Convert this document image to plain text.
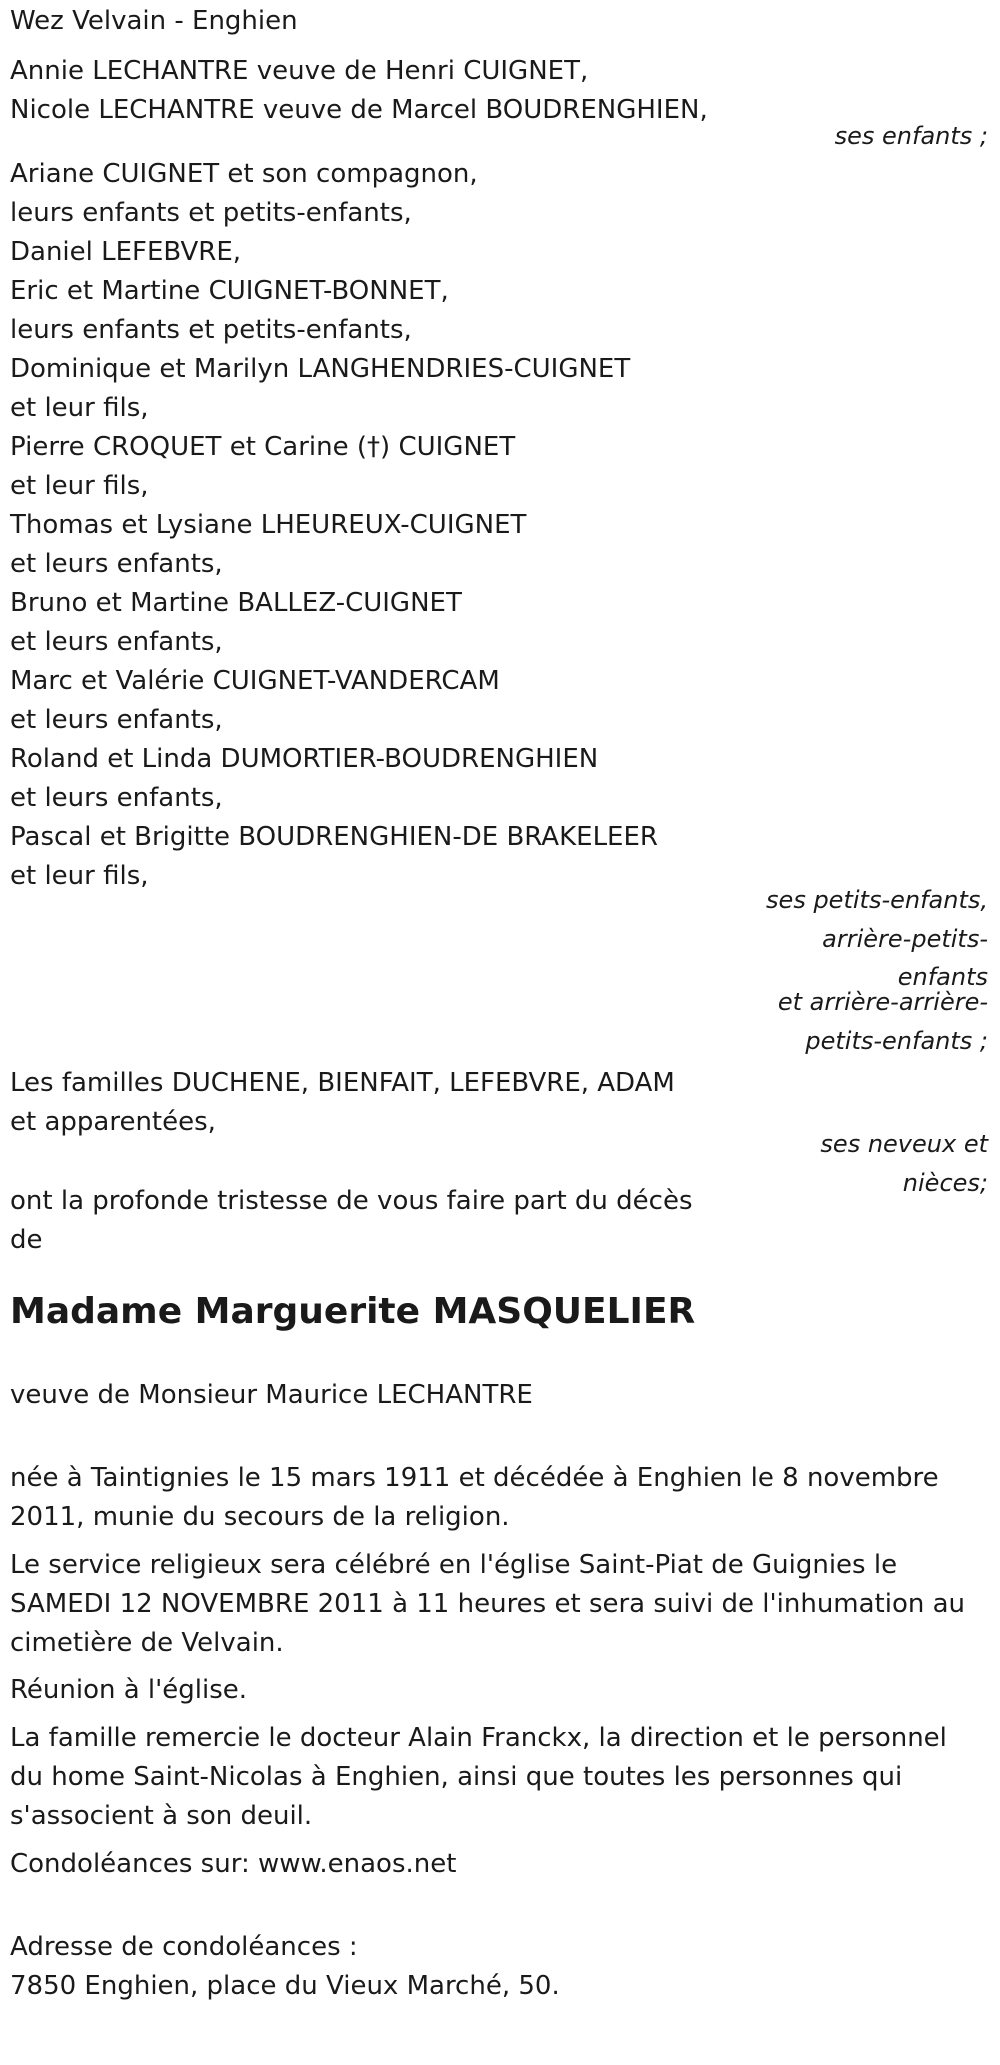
Wez Velvain - Enghien
Annie LECHANTRE veuve de Henri CUIGNET,
Nicole LECHANTRE veuve de Marcel BOUDRENGHIEN,
ses enfants ;
Ariane CUIGNET et son compagnon,
leurs enfants et petits-enfants,
Daniel LEFEBVRE,
Eric et Martine CUIGNET-BONNET,
leurs enfants et petits-enfants,
Dominique et Marilyn LANGHENDRIES-CUIGNET
et leur fils,
Pierre CROQUET et Carine (†) CUIGNET
et leur fils,
Thomas et Lysiane LHEUREUX-CUIGNET
et leurs enfants,
Bruno et Martine BALLEZ-CUIGNET
et leurs enfants,
Marc et Valérie CUIGNET-VANDERCAM
et leurs enfants,
Roland et Linda DUMORTIER-BOUDRENGHIEN
et leurs enfants,
Pascal et Brigitte BOUDRENGHIEN-DE BRAKELEER
et leur fils,
ses petits-enfants,
arrière-petits-
enfants
et arrière-arrière-
petits-enfants ;
Les familles DUCHENE, BIENFAIT, LEFEBVRE, ADAM
et apparentées,
ses neveux et
nièces;
ont la profonde tristesse de vous faire part du décès
de
Madame Marguerite MASQUELIER
veuve de Monsieur Maurice LECHANTRE
née à Taintignies le 15 mars 1911 et décédée à Enghien le 8 novembre
2011, munie du secours de la religion.
Le service religieux sera célébré en l'église Saint-Piat de Guignies le
SAMEDI 12 NOVEMBRE 2011 à 11 heures et sera suivi de l'inhumation au
cimetière de Velvain.
Réunion à l'église.
La famille remercie le docteur Alain Franckx, la direction et le personnel
du home Saint-Nicolas à Enghien, ainsi que toutes les personnes qui
s'associent à son deuil.
Condoléances sur: www.enaos.net
Adresse de condoléances :
7850 Enghien, place du Vieux Marché, 50.
